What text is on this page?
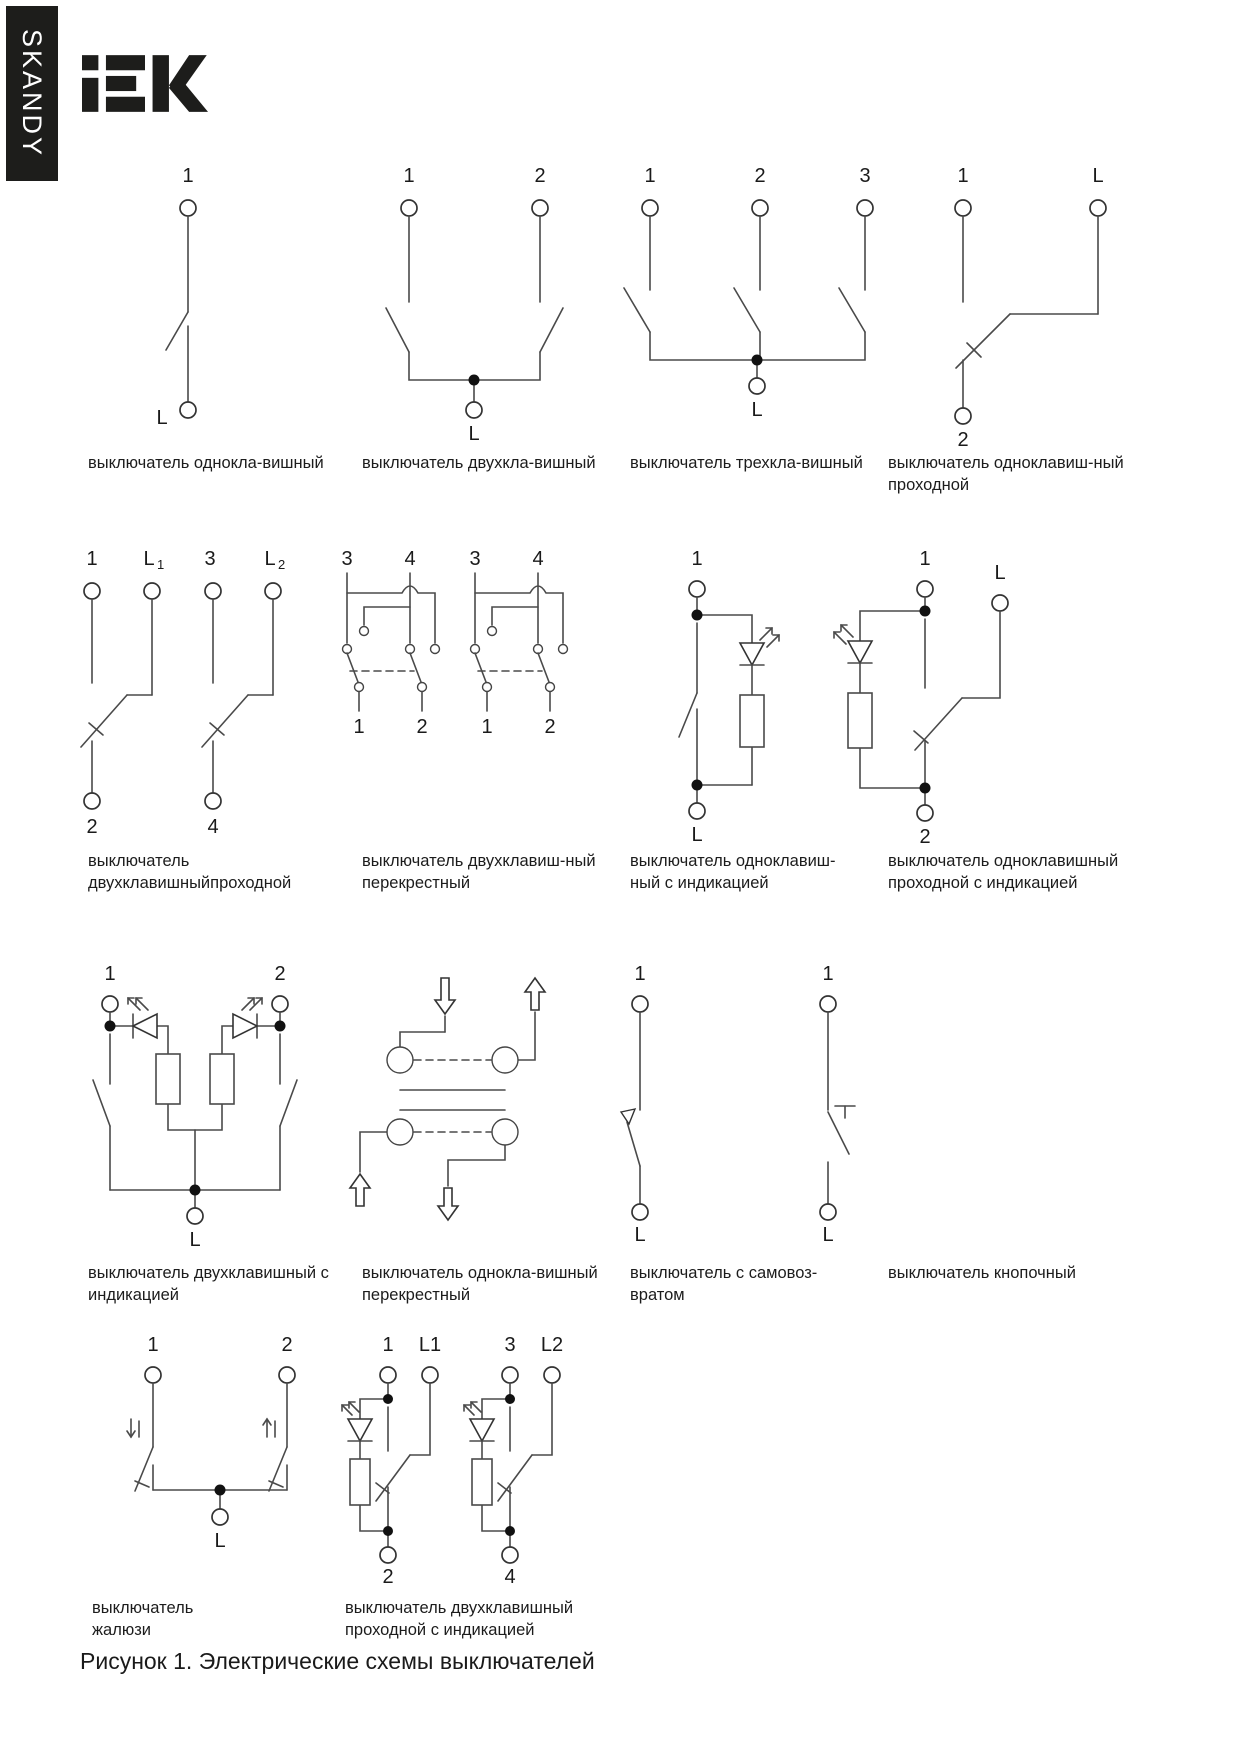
SKANDY
1
L
1	2
L
1	2	3
L
1	L
2
выключатель однокла-вишный выключатель двухкла-вишный выключатель трехкла-вишный выключатель одноклавиш-ный
проходной
1 L 1 3 L 2
2	4
3	4
1	2
3	4
1	2
1
L
1
L
2
выключатель
двухклавишныйпроходной
выключатель двухклавиш-ный
перекрестный
выключатель одноклавиш-
ный с индикацией
выключатель одноклавишный
проходной с индикацией
1	2
L
1
L
1
L
выключатель двухклавишный с
индикацией
выключатель однокла-вишный
перекрестный
выключатель с самовоз-
вратом
выключатель кнопочный
1	2
L
1 L1
2
3 L2
4
выключатель
жалюзи
выключатель двухклавишный
проходной с индикацией
Рисунок 1. Электрические схемы выключателей
